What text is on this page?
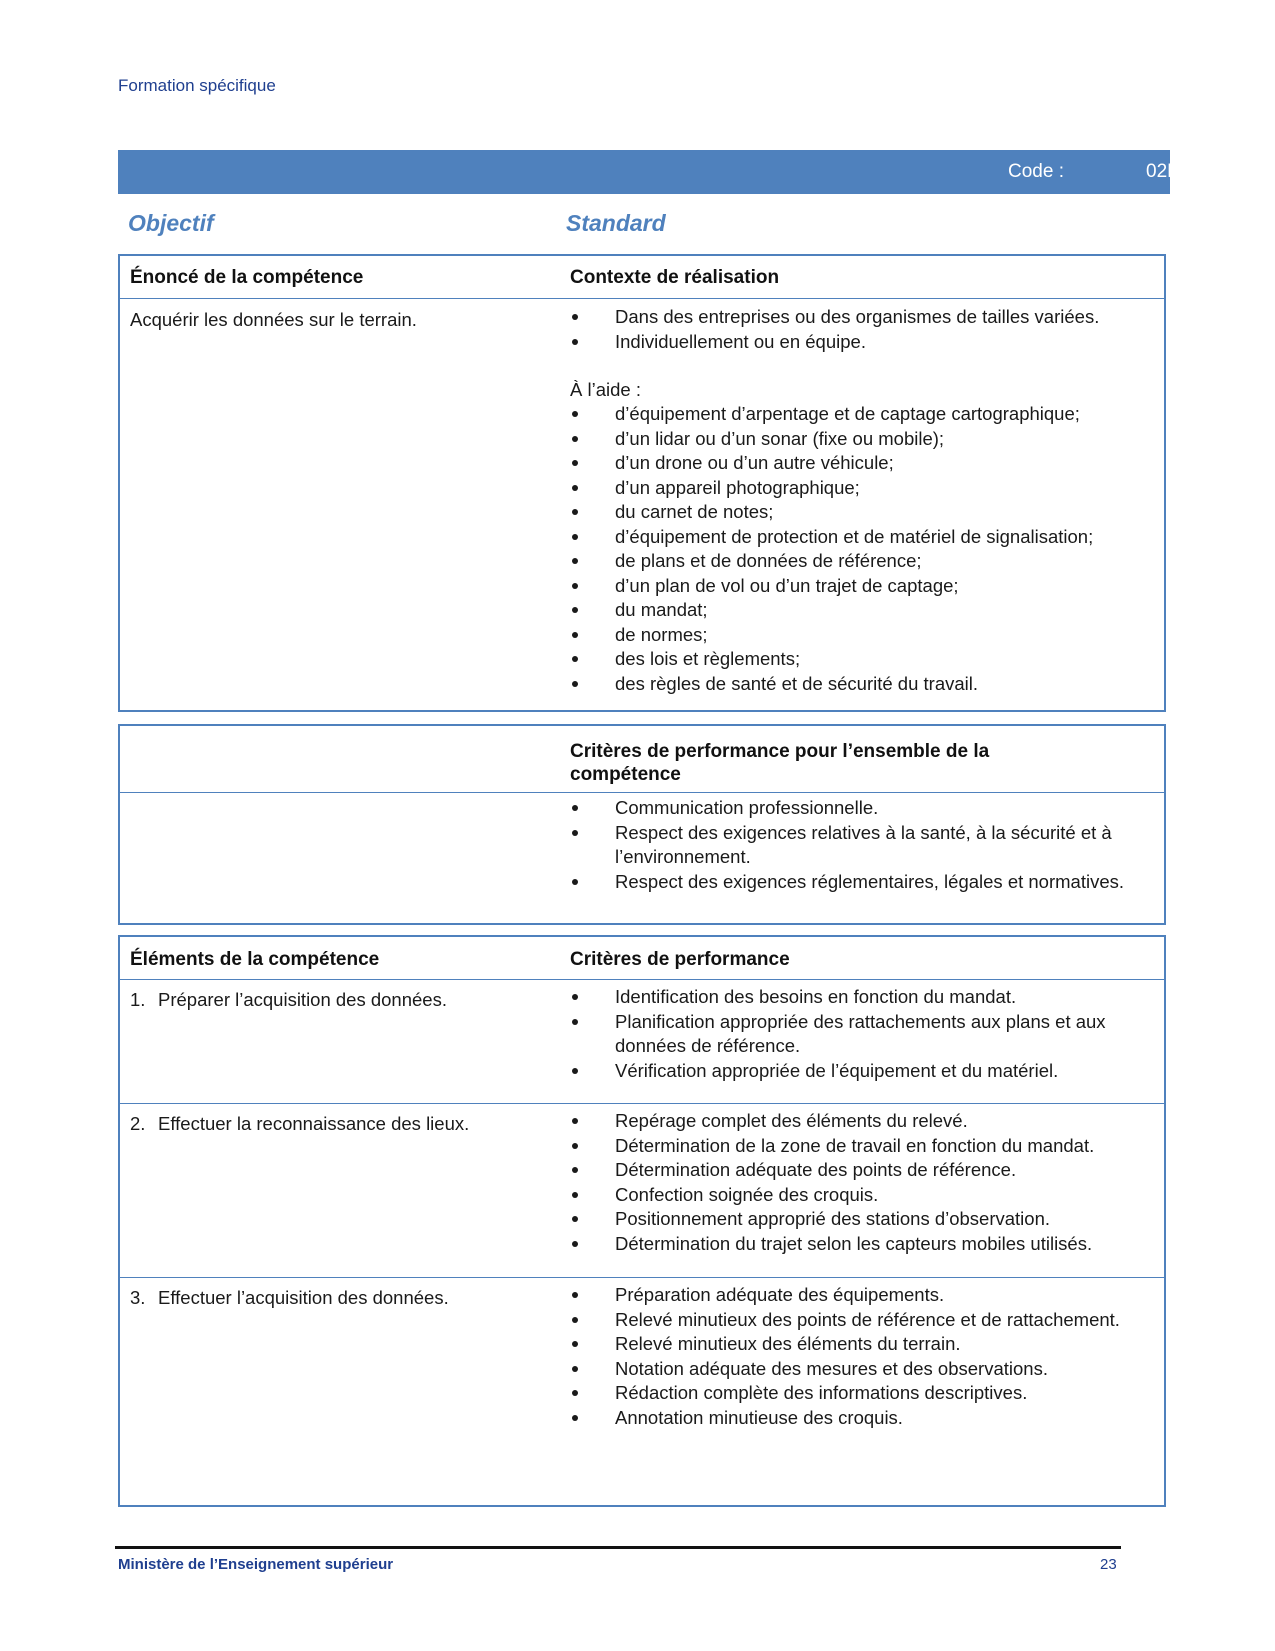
Formation spécifique
Code :	02MW
Objectif	Standard
Énoncé de la compétence	Contexte de réalisation
Acquérir les données sur le terrain.	Dans des entreprises ou des organismes de tailles variées.
Individuellement ou en équipe.
À l’aide :
d’équipement d’arpentage et de captage cartographique;
d’un lidar ou d’un sonar (fixe ou mobile);
d’un drone ou d’un autre véhicule;
d’un appareil photographique;
du carnet de notes;
d’équipement de protection et de matériel de signalisation;
de plans et de données de référence;
d’un plan de vol ou d’un trajet de captage;
du mandat;
de normes;
des lois et règlements;
des règles de santé et de sécurité du travail.
Critères de performance pour l’ensemble de la compétence
Communication professionnelle.
Respect des exigences relatives à la santé, à la sécurité et à l’environnement.
Respect des exigences réglementaires, légales et normatives.
Éléments de la compétence	Critères de performance
1. Préparer l’acquisition des données.	Identification des besoins en fonction du mandat.
Planification appropriée des rattachements aux plans et aux données de référence.
Vérification appropriée de l’équipement et du matériel.
2. Effectuer la reconnaissance des lieux.	Repérage complet des éléments du relevé.
Détermination de la zone de travail en fonction du mandat.
Détermination adéquate des points de référence.
Confection soignée des croquis.
Positionnement approprié des stations d’observation.
Détermination du trajet selon les capteurs mobiles utilisés.
3. Effectuer l’acquisition des données.	Préparation adéquate des équipements.
Relevé minutieux des points de référence et de rattachement.
Relevé minutieux des éléments du terrain.
Notation adéquate des mesures et des observations.
Rédaction complète des informations descriptives.
Annotation minutieuse des croquis.
Ministère de l’Enseignement supérieur	23
